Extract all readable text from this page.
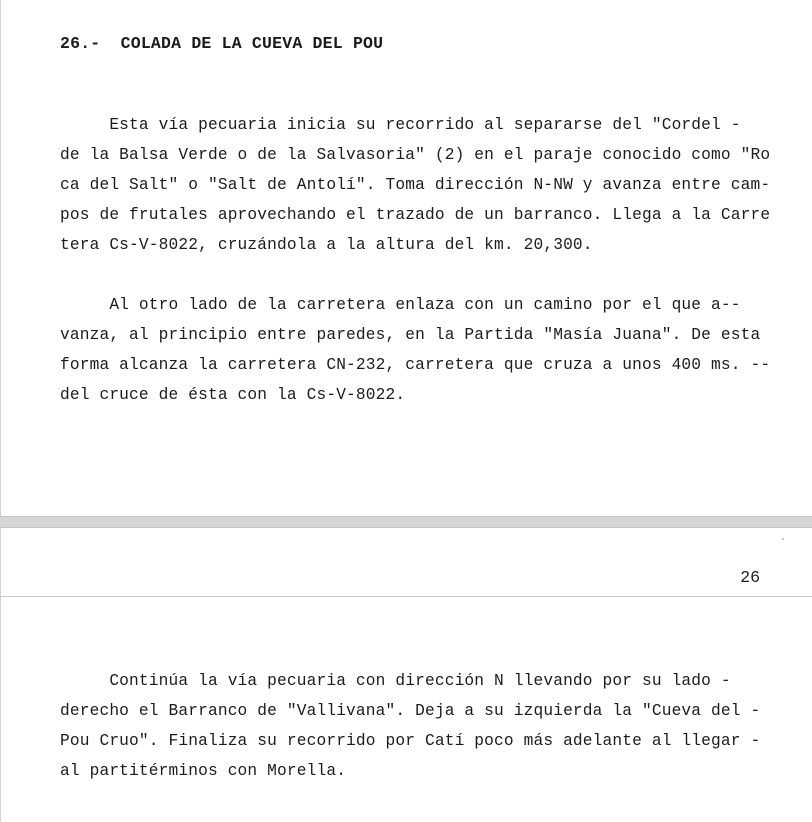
26.-  COLADA DE LA CUEVA DEL POU
Esta vía pecuaria inicia su recorrido al separarse del "Cordel -
de la Balsa Verde o de la Salvasoria" (2) en el paraje conocido como "Ro
ca del Salt" o "Salt de Antolí". Toma dirección N-NW y avanza entre cam-
pos de frutales aprovechando el trazado de un barranco. Llega a la Carre
tera Cs-V-8022, cruzándola a la altura del km. 20,300.
Al otro lado de la carretera enlaza con un camino por el que a--
vanza, al principio entre paredes, en la Partida "Masía Juana". De esta
forma alcanza la carretera CN-232, carretera que cruza a unos 400 ms. --
del cruce de ésta con la Cs-V-8022.
26
Continúa la vía pecuaria con dirección N llevando por su lado -
derecho el Barranco de "Vallivana". Deja a su izquierda la "Cueva del -
Pou Cruo". Finaliza su recorrido por Catí poco más adelante al llegar -
al partitérminos con Morella.
